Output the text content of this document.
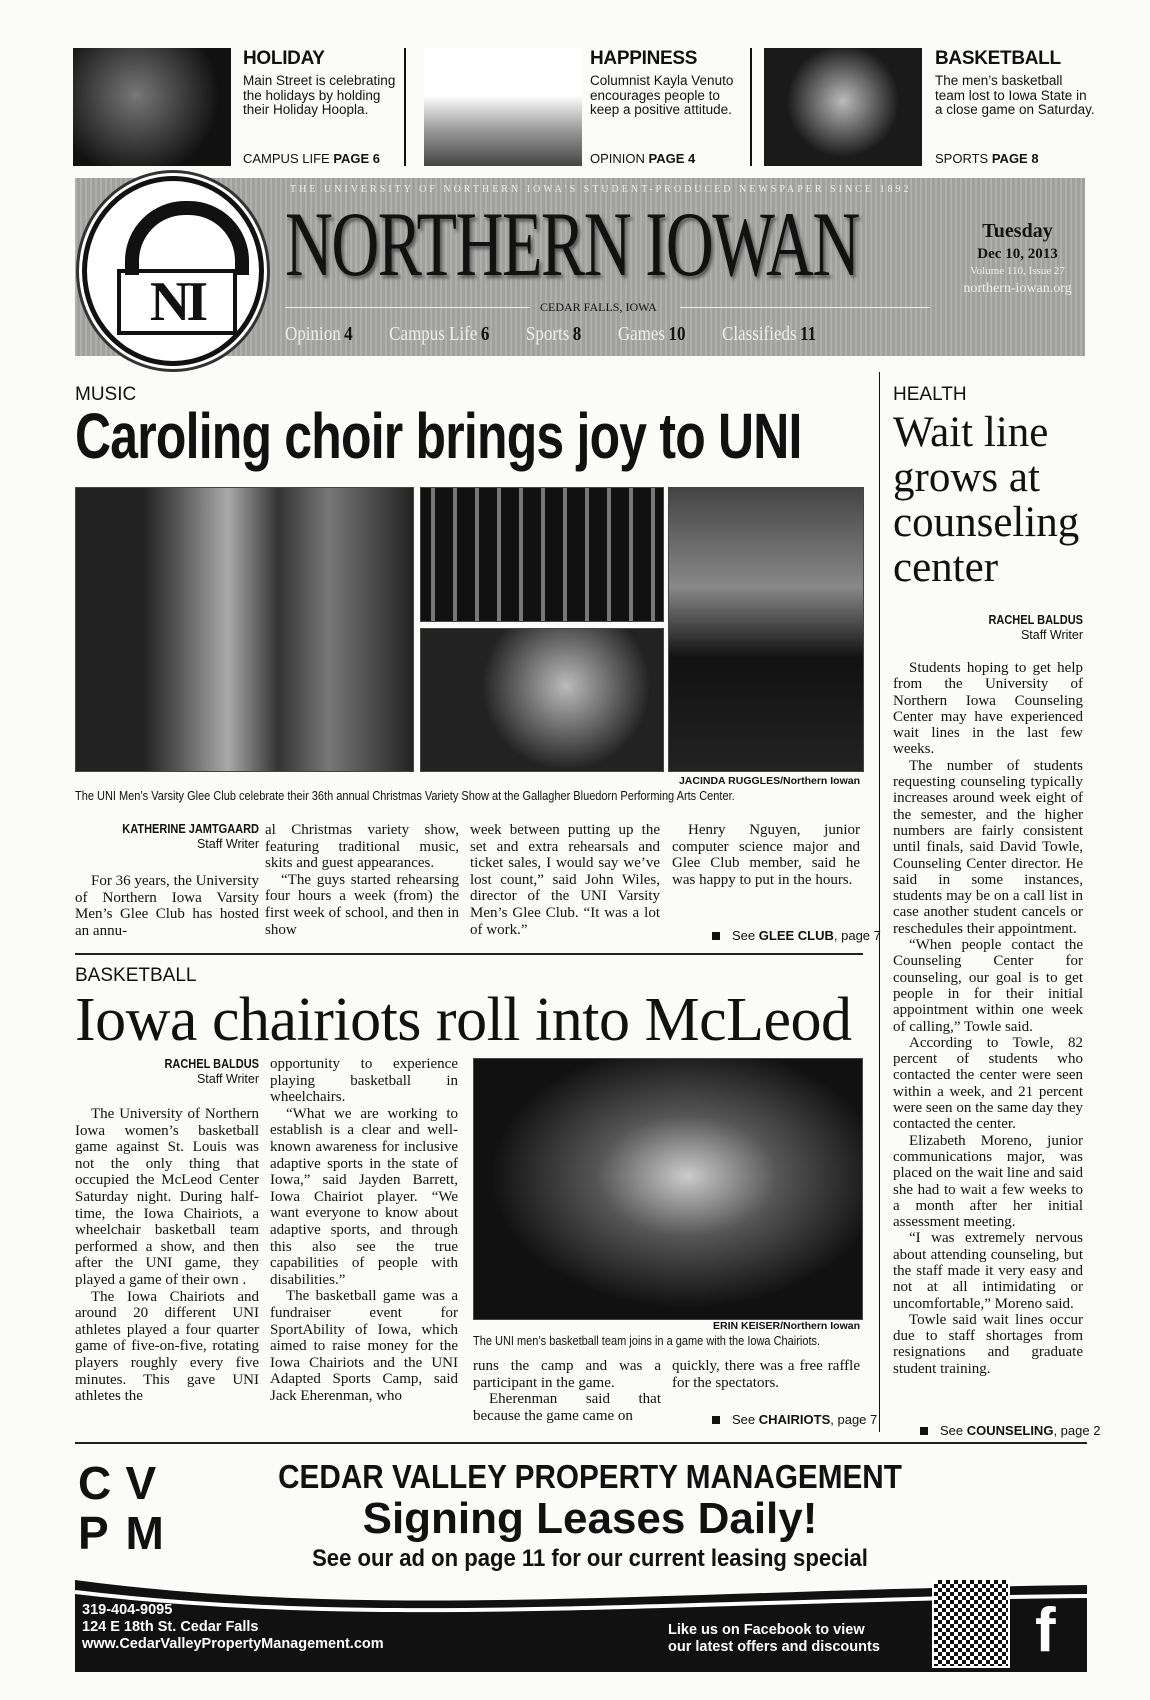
HOLIDAY

Main Street is celebrating the holidays by holding their Holiday Hoopla.

CAMPUS LIFE PAGE 6
HAPPINESS

Columnist Kayla Venuto encourages people to keep a positive attitude.

OPINION PAGE 4
BASKETBALL

The men’s basketball team lost to Iowa State in a close game on Saturday.

SPORTS PAGE 8
NI
THE UNIVERSITY OF NORTHERN IOWA'S STUDENT-PRODUCED NEWSPAPER SINCE 1892
NORTHERN IOWAN
CEDAR FALLS, IOWA
Opinion 4 Campus Life 6 Sports 8 Games 10 Classifieds 11
Tuesday
Dec 10, 2013
Volume 110, Issue 27
northern-iowan.org
MUSIC
Caroling choir brings joy to UNI
JACINDA RUGGLES/Northern Iowan
The UNI Men’s Varsity Glee Club celebrate their 36th annual Christmas Variety Show at the Gallagher Bluedorn Performing Arts Center.
KATHERINE JAMTGAARD
Staff Writer

For 36 years, the University of Northern Iowa Varsity Men’s Glee Club has hosted an annu-

al Christmas variety show, featuring traditional music, skits and guest appearances.

“The guys started rehearsing four hours a week (from) the first week of school, and then in show

week between putting up the set and extra rehearsals and ticket sales, I would say we’ve lost count,” said John Wiles, director of the UNI Varsity Men’s Glee Club. “It was a lot of work.”

Henry Nguyen, junior computer science major and Glee Club member, said he was happy to put in the hours.

See GLEE CLUB, page 7
BASKETBALL
Iowa chairiots roll into McLeod
RACHEL BALDUS
Staff Writer

The University of Northern Iowa women’s basketball game against St. Louis was not the only thing that occupied the McLeod Center Saturday night. During half-time, the Iowa Chairiots, a wheelchair basketball team performed a show, and then after the UNI game, they played a game of their own .

The Iowa Chairiots and around 20 different UNI athletes played a four quarter game of five-on-five, rotating players roughly every five minutes. This gave UNI athletes the

opportunity to experience playing basketball in wheelchairs.

“What we are working to establish is a clear and well-known awareness for inclusive adaptive sports in the state of Iowa,” said Jayden Barrett, Iowa Chairiot player. “We want everyone to know about adaptive sports, and through this also see the true capabilities of people with disabilities.”

The basketball game was a fundraiser event for SportAbility of Iowa, which aimed to raise money for the Iowa Chairiots and the UNI Adapted Sports Camp, said Jack Eherenman, who

ERIN KEISER/Northern Iowan
The UNI men’s basketball team joins in a game with the Iowa Chairiots.

runs the camp and was a participant in the game.

Eherenman said that because the game came on

quickly, there was a free raffle for the spectators.

See CHAIRIOTS, page 7
HEALTH
Wait line grows at counseling center
RACHEL BALDUS
Staff Writer

Students hoping to get help from the University of Northern Iowa Counseling Center may have experienced wait lines in the last few weeks.

The number of students requesting counseling typically increases around week eight of the semester, and the higher numbers are fairly consistent until finals, said David Towle, Counseling Center director. He said in some instances, students may be on a call list in case another student cancels or reschedules their appointment.

“When people contact the Counseling Center for counseling, our goal is to get people in for their initial appointment within one week of calling,” Towle said.

According to Towle, 82 percent of students who contacted the center were seen within a week, and 21 percent were seen on the same day they contacted the center.

Elizabeth Moreno, junior communications major, was placed on the wait line and said she had to wait a few weeks to a month after her initial assessment meeting.

“I was extremely nervous about attending counseling, but the staff made it very easy and not at all intimidating or uncomfortable,” Moreno said.

Towle said wait lines occur due to staff shortages from resignations and graduate student training.

See COUNSELING, page 2
C V
P M
CEDAR VALLEY PROPERTY MANAGEMENT
Signing Leases Daily!
See our ad on page 11 for our current leasing special
319-404-9095
124 E 18th St. Cedar Falls
www.CedarValleyPropertyManagement.com
Like us on Facebook to view
our latest offers and discounts	f
